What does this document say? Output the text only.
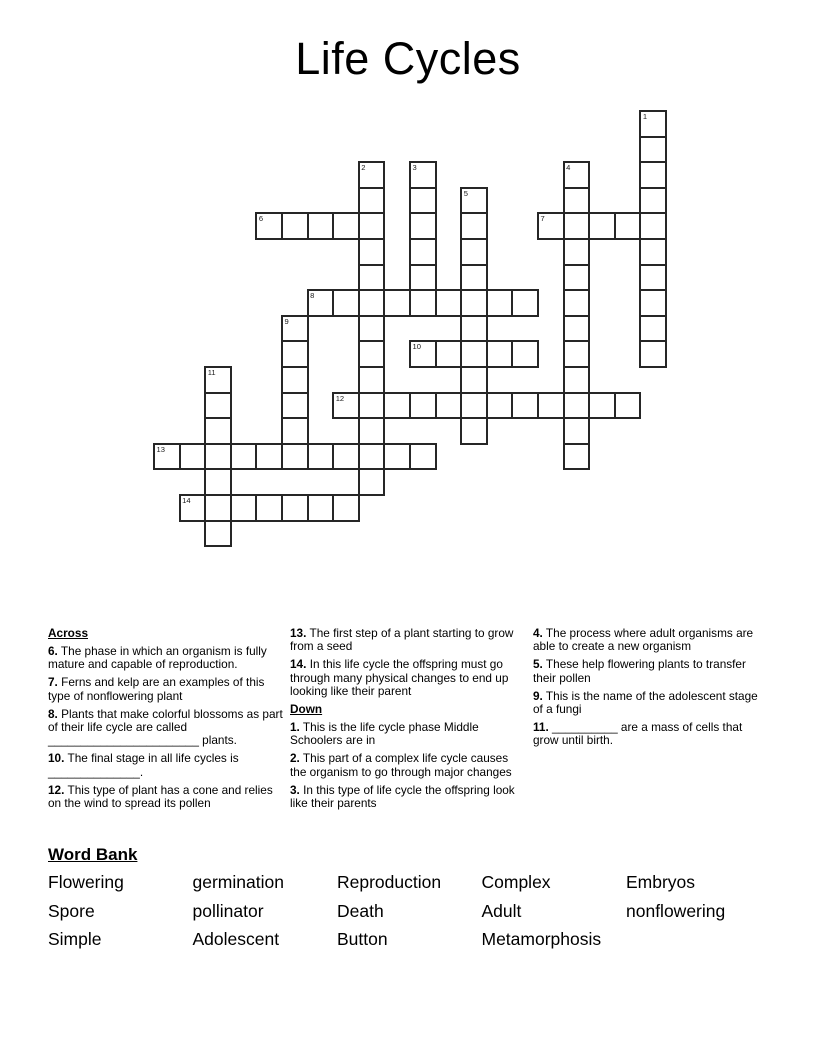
Life Cycles
1
2	3	4
5
6	7
8
9
10
11
12
13
14
Across
6. The phase in which an organism is fully mature and capable of reproduction.
7. Ferns and kelp are an examples of this type of nonflowering plant
8. Plants that make colorful blossoms as part of their life cycle are called _______________________ plants.
10. The final stage in all life cycles is ______________.
12. This type of plant has a cone and relies on the wind to spread its pollen
13. The first step of a plant starting to grow from a seed
14. In this life cycle the offspring must go through many physical changes to end up looking like their parent
Down
1. This is the life cycle phase Middle Schoolers are in
2. This part of a complex life cycle causes the organism to go through major changes
3. In this type of life cycle the offspring look like their parents
4. The process where adult organisms are able to create a new organism
5. These help flowering plants to transfer their pollen
9. This is the name of the adolescent stage of a fungi
11. __________ are a mass of cells that grow until birth.
Word Bank
Flowering	germination	Reproduction	Complex	Embryos
Spore	pollinator	Death	Adult	nonflowering
Simple	Adolescent	Button	Metamorphosis
